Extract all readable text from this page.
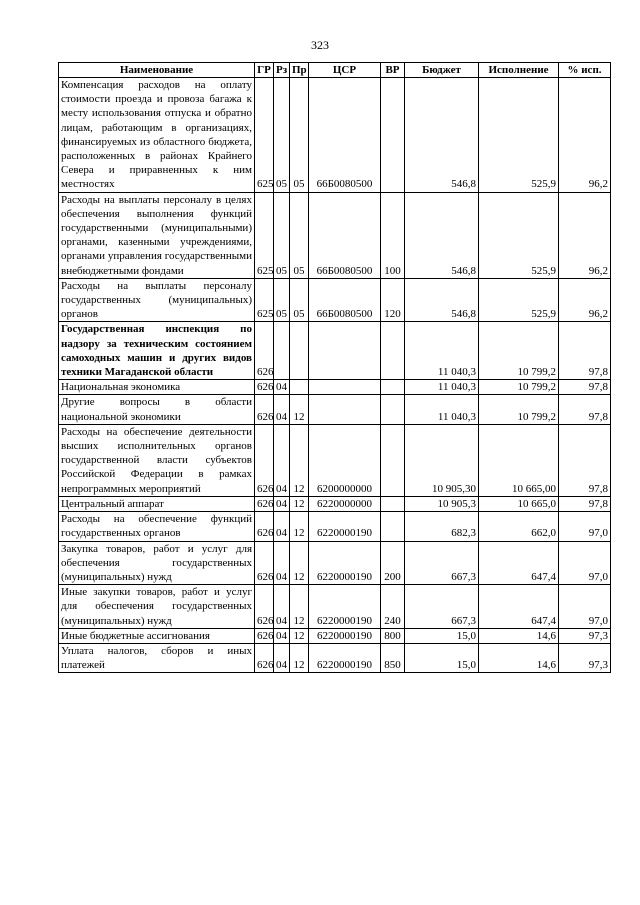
323
Наименование	ГР	Рз	Пр	ЦСР	ВР	Бюджет	Исполнение	% исп.
Компенсация расходов на оплату стоимости проезда и провоза багажа к месту использования отпуска и обратно лицам, работающим в организациях, финансируемых из областного бюджета, расположенных в районах Крайнего Севера и приравненных к ним местностях	625	05	05	66Б0080500		546,8	525,9	96,2
Расходы на выплаты персоналу в целях обеспечения выполнения функций государственными (муниципальными) органами, казенными учреждениями, органами управления государственными внебюджетными фондами	625	05	05	66Б0080500	100	546,8	525,9	96,2
Расходы на выплаты персоналу государственных (муниципальных) органов	625	05	05	66Б0080500	120	546,8	525,9	96,2
Государственная инспекция по надзору за техническим состоянием самоходных машин и других видов техники Магаданской области	626					11 040,3	10 799,2	97,8
Национальная экономика	626	04				11 040,3	10 799,2	97,8
Другие вопросы в области национальной экономики	626	04	12			11 040,3	10 799,2	97,8
Расходы на обеспечение деятельности высших исполнительных органов государственной власти субъектов Российской Федерации в рамках непрограммных мероприятий	626	04	12	6200000000		10 905,30	10 665,00	97,8
Центральный аппарат	626	04	12	6220000000		10 905,3	10 665,0	97,8
Расходы на обеспечение функций государственных органов	626	04	12	6220000190		682,3	662,0	97,0
Закупка товаров, работ и услуг для обеспечения государственных (муниципальных) нужд	626	04	12	6220000190	200	667,3	647,4	97,0
Иные закупки товаров, работ и услуг для обеспечения государственных (муниципальных) нужд	626	04	12	6220000190	240	667,3	647,4	97,0
Иные бюджетные ассигнования	626	04	12	6220000190	800	15,0	14,6	97,3
Уплата налогов, сборов и иных платежей	626	04	12	6220000190	850	15,0	14,6	97,3
